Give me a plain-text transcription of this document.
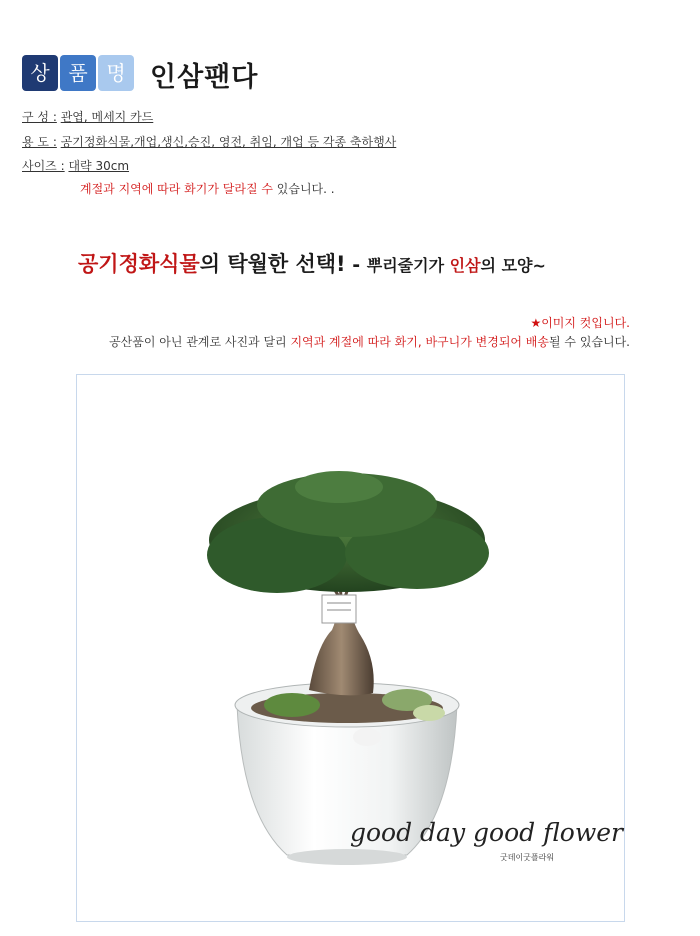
상 품 명 인삼팬다
구 성 : 관엽, 메세지 카드
용 도 : 공기정화식물,개업,생신,승진, 영전, 취임, 개업 등 각종 축하행사
사이즈 : 대략 30cm
계절과 지역에 따라 화기가 달라질 수 있습니다. .
공기정화식물의 탁월한 선택! - 뿌리줄기가 인삼의 모양~
★이미지 컷입니다.
공산품이 아닌 관계로 사진과 달리 지역과 계절에 따라 화기, 바구니가 변경되어 배송될 수 있습니다.
good day good flower
굿데이굿플라워
